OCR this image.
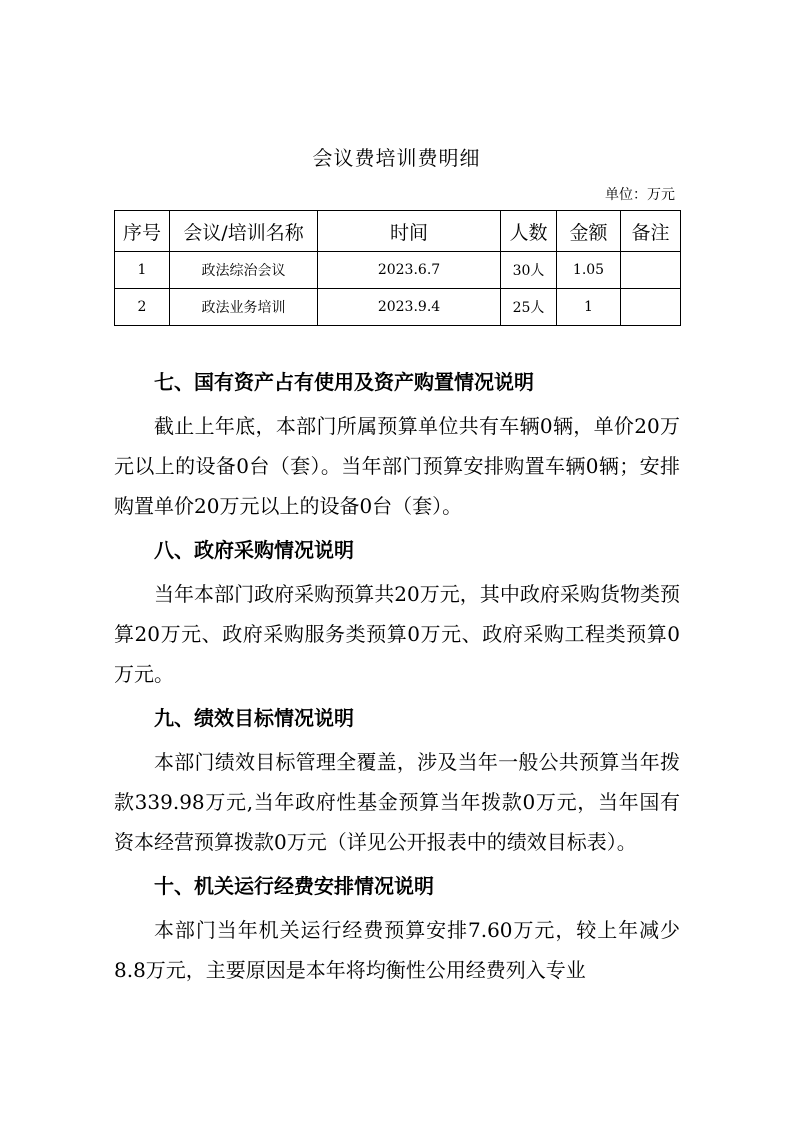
会议费培训费明细
单位：万元
序号	会议/培训名称	时间	人数	金额	备注
1	政法综治会议	2023.6.7	30人	1.05	
2	政法业务培训	2023.9.4	25人	1	
七、国有资产占有使用及资产购置情况说明
截止上年底，本部门所属预算单位共有车辆0辆，单价20万元以上的设备0台（套）。当年部门预算安排购置车辆0辆；安排购置单价20万元以上的设备0台（套）。
八、政府采购情况说明
当年本部门政府采购预算共20万元，其中政府采购货物类预算20万元、政府采购服务类预算0万元、政府采购工程类预算0万元。
九、绩效目标情况说明
本部门绩效目标管理全覆盖，涉及当年一般公共预算当年拨款339.98万元,当年政府性基金预算当年拨款0万元，当年国有资本经营预算拨款0万元（详见公开报表中的绩效目标表）。
十、机关运行经费安排情况说明
本部门当年机关运行经费预算安排7.60万元，较上年减少8.8万元，主要原因是本年将均衡性公用经费列入专业
